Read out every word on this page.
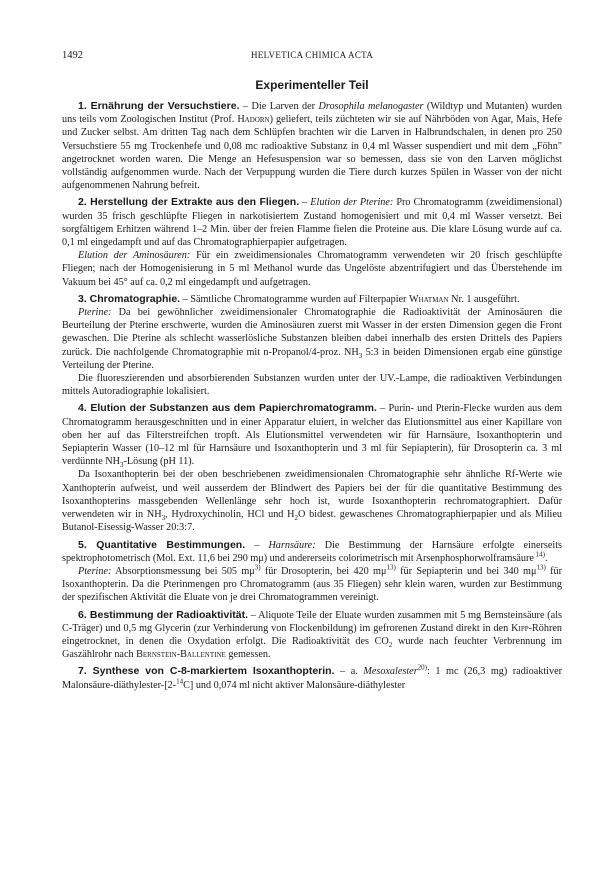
1492	HELVETICA CHIMICA ACTA
Experimenteller Teil

1. Ernährung der Versuchstiere. – Die Larven der Drosophila melanogaster (Wildtyp und Mutanten) wurden uns teils vom Zoologischen Institut (Prof. Hadorn) geliefert, teils züchteten wir sie auf Nährböden von Agar, Mais, Hefe und Zucker selbst. Am dritten Tag nach dem Schlüpfen brachten wir die Larven in Halbrundschalen, in denen pro 250 Versuchstiere 55 mg Trockenhefe und 0,08 mc radioaktive Substanz in 0,4 ml Wasser suspendiert und mit dem „Föhn" angetrocknet worden waren. Die Menge an Hefesuspension war so bemessen, dass sie von den Larven möglichst vollständig aufgenommen wurde. Nach der Verpuppung wurden die Tiere durch kurzes Spülen in Wasser von der nicht aufgenommenen Nahrung befreit.

2. Herstellung der Extrakte aus den Fliegen. – Elution der Pterine: Pro Chromatogramm (zweidimensional) wurden 35 frisch geschlüpfte Fliegen in narkotisiertem Zustand homogenisiert und mit 0,4 ml Wasser versetzt. Bei sorgfältigem Erhitzen während 1–2 Min. über der freien Flamme fielen die Proteine aus. Die klare Lösung wurde auf ca. 0,1 ml eingedampft und auf das Chromatographierpapier aufgetragen.

Elution der Aminosäuren: Für ein zweidimensionales Chromatogramm verwendeten wir 20 frisch geschlüpfte Fliegen; nach der Homogenisierung in 5 ml Methanol wurde das Ungelöste abzentrifugiert und das Überstehende im Vakuum bei 45° auf ca. 0,2 ml eingedampft und aufgetragen.

3. Chromatographie. – Sämtliche Chromatogramme wurden auf Filterpapier Whatman Nr. 1 ausgeführt.

Pterine: Da bei gewöhnlicher zweidimensionaler Chromatographie die Radioaktivität der Aminosäuren die Beurteilung der Pterine erschwerte, wurden die Aminosäuren zuerst mit Wasser in der ersten Dimension gegen die Front gewaschen. Die Pterine als schlecht wasserlösliche Substanzen bleiben dabei innerhalb des ersten Drittels des Papiers zurück. Die nachfolgende Chromatographie mit n-Propanol/4-proz. $NH_3$ 5:3 in beiden Dimensionen ergab eine günstige Verteilung der Pterine.

Die fluoreszierenden und absorbierenden Substanzen wurden unter der UV.-Lampe, die radioaktiven Verbindungen mittels Autoradiographie lokalisiert.

4. Elution der Substanzen aus dem Papierchromatogramm. – Purin- und Pterin-Flecke wurden aus dem Chromatogramm herausgeschnitten und in einer Apparatur eluiert, in welcher das Elutionsmittel aus einer Kapillare von oben her auf das Filterstreifchen tropft. Als Elutionsmittel verwendeten wir für Harnsäure, Isoxanthopterin und Sepiapterin Wasser (10–12 ml für Harnsäure und Isoxanthopterin und 3 ml für Sepiapterin), für Drosopterin ca. 3 ml verdünnte $NH_3$-Lösung (pH 11).

Da Isoxanthopterin bei der oben beschriebenen zweidimensionalen Chromatographie sehr ähnliche Rf-Werte wie Xanthopterin aufweist, und weil ausserdem der Blindwert des Papiers bei der für die quantitative Bestimmung des Isoxanthopterins massgebenden Wellenlänge sehr hoch ist, wurde Isoxanthopterin rechromatographiert. Dafür verwendeten wir in $NH_3$, Hydroxychinolin, HCl und $H_2O$ bidest. gewaschenes Chromatographierpapier und als Milieu Butanol-Eisessig-Wasser 20:3:7.

5. Quantitative Bestimmungen. – Harnsäure: Die Bestimmung der Harnsäure erfolgte einerseits spektrophotometrisch (Mol. Ext. 11,6 bei 290 mμ) und andererseits colorimetrisch mit Arsenphosphorwolframsäure $^{14)}$.

Pterine: Absorptionsmessung bei 505 $m\mu^{3)}$ für Drosopterin, bei 420 $m\mu^{13)}$ für Sepiapterin und bei 340 $m\mu^{13)}$ für Isoxanthopterin. Da die Pterinmengen pro Chromatogramm (aus 35 Fliegen) sehr klein waren, wurden zur Bestimmung der spezifischen Aktivität die Eluate von je drei Chromatogrammen vereinigt.

6. Bestimmung der Radioaktivität. – Aliquote Teile der Eluate wurden zusammen mit 5 mg Bernsteinsäure (als C-Träger) und 0,5 mg Glycerin (zur Verhinderung von Flockenbildung) im gefrorenen Zustand direkt in den Kipp-Röhren eingetrocknet, in denen die Oxydation erfolgt. Die Radioaktivität des $CO_2$ wurde nach feuchter Verbrennung im Gaszählrohr nach Bernstein-Ballentine gemessen.

7. Synthese von C-8-markiertem Isoxanthopterin. – a. Mesoxalester$^{20)}$: 1 mc (26,3 mg) radioaktiver Malonsäure-diäthylester-[2-$^{14}$C] und 0,074 ml nicht aktiver Malonsäure-diäthylester
